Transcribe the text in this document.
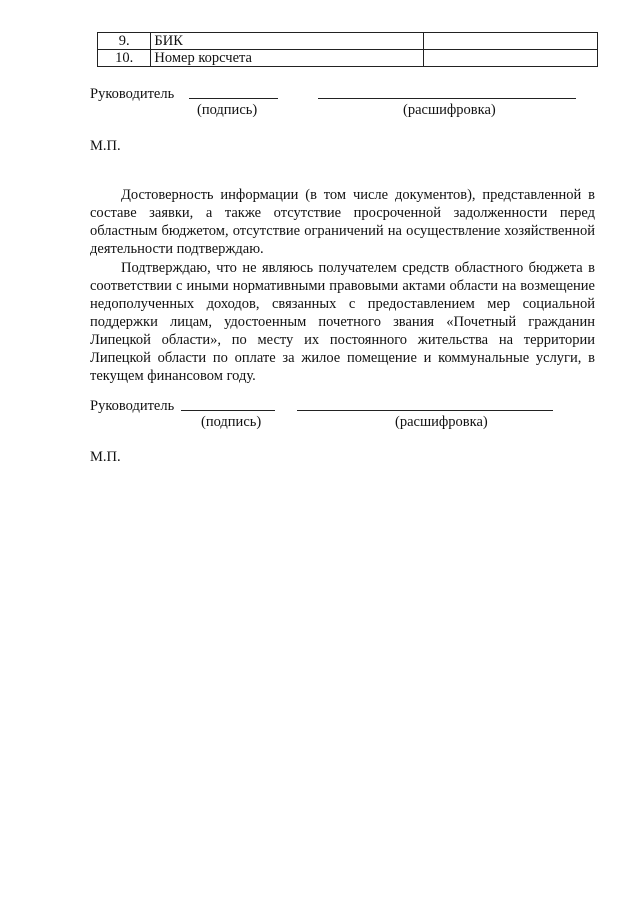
9.	БИК	
10.	Номер корсчета	
Руководитель
(подпись)	(расшифровка)
М.П.

Достоверность информации (в том числе документов), представленной в составе заявки, а также отсутствие просроченной задолженности перед областным бюджетом, отсутствие ограничений на осуществление хозяйственной деятельности подтверждаю.

Подтверждаю, что не являюсь получателем средств областного бюджета в соответствии с иными нормативными правовыми актами области на возмещение недополученных доходов, связанных с предоставлением мер социальной поддержки лицам, удостоенным почетного звания «Почетный гражданин Липецкой области», по месту их постоянного жительства на территории Липецкой области по оплате за жилое помещение и коммунальные услуги, в текущем финансовом году.

Руководитель
(подпись)	(расшифровка)
М.П.
